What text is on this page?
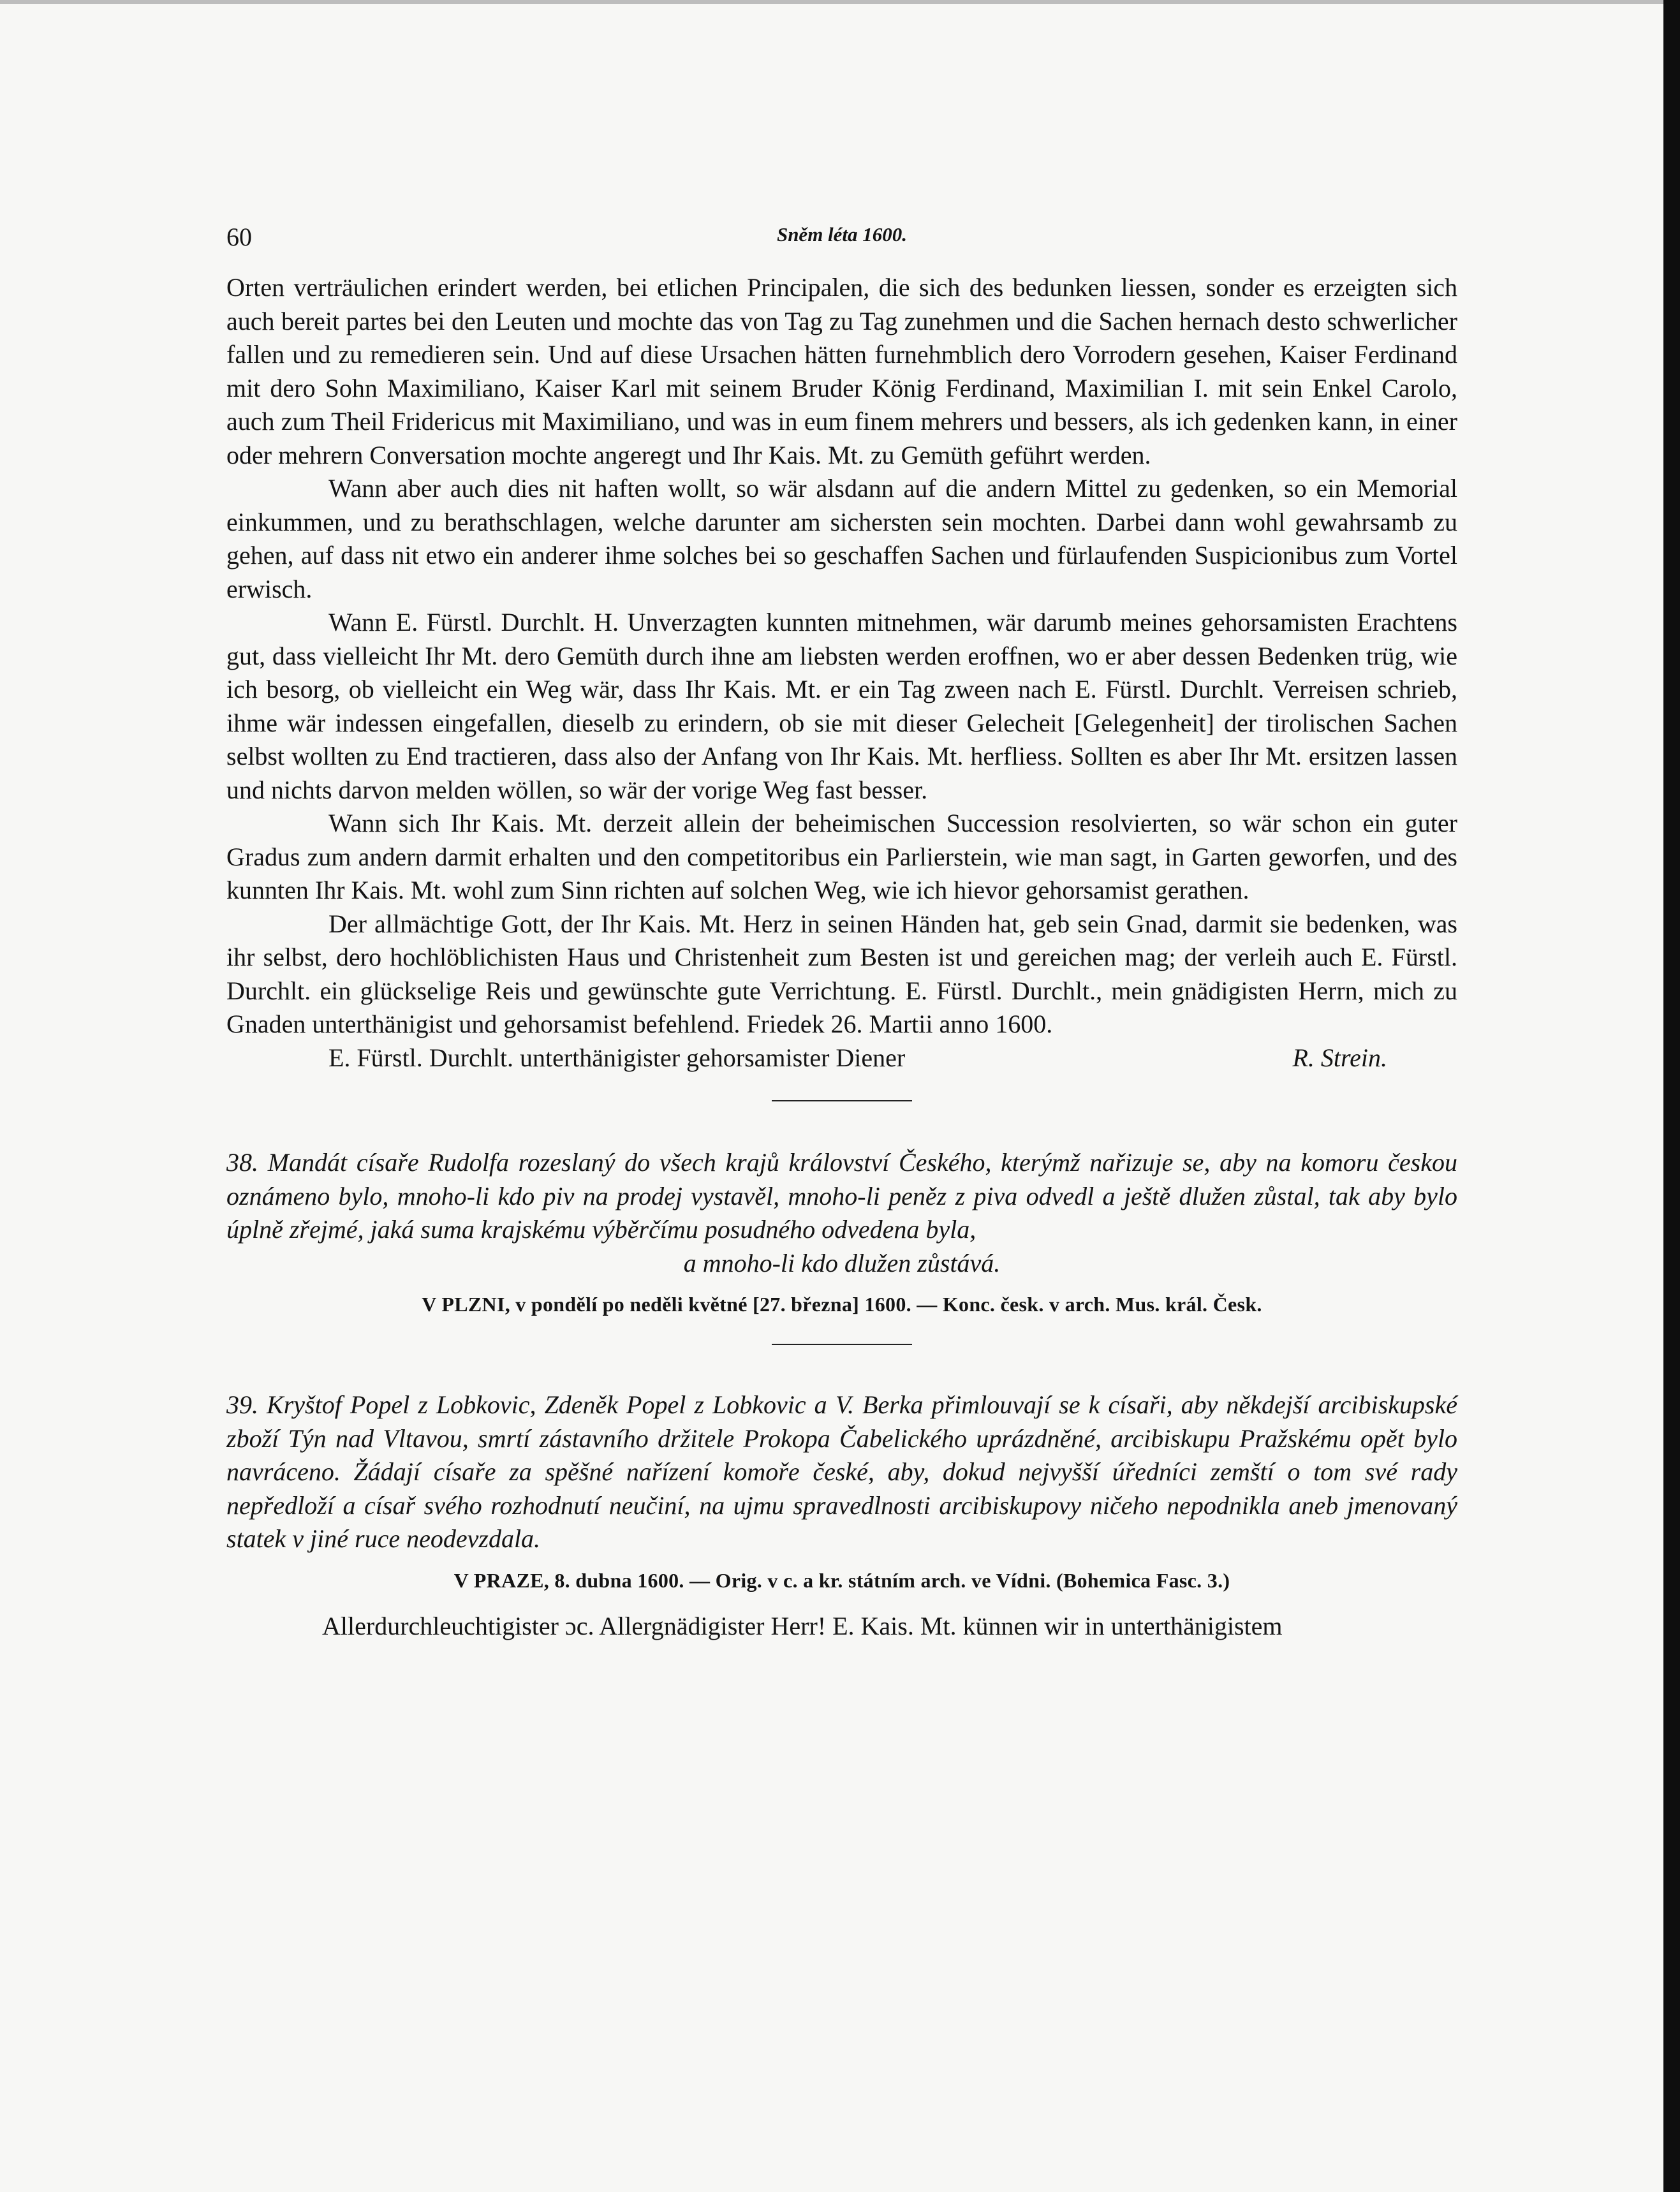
60	Sněm léta 1600.

Orten verträulichen erindert werden, bei etlichen Principalen, die sich des bedunken liessen, sonder es erzeigten sich auch bereit partes bei den Leuten und mochte das von Tag zu Tag zunehmen und die Sachen hernach desto schwerlicher fallen und zu remedieren sein. Und auf diese Ursachen hätten furnehmblich dero Vorrodern gesehen, Kaiser Ferdinand mit dero Sohn Maximiliano, Kaiser Karl mit seinem Bruder König Ferdinand, Maximilian I. mit sein Enkel Carolo, auch zum Theil Fridericus mit Maximiliano, und was in eum finem mehrers und bessers, als ich gedenken kann, in einer oder mehrern Conversation mochte angeregt und Ihr Kais. Mt. zu Gemüth geführt werden.

Wann aber auch dies nit haften wollt, so wär alsdann auf die andern Mittel zu gedenken, so ein Memorial einkummen, und zu berathschlagen, welche darunter am sichersten sein mochten. Darbei dann wohl gewahrsamb zu gehen, auf dass nit etwo ein anderer ihme solches bei so geschaffen Sachen und fürlaufenden Suspicionibus zum Vortel erwisch.

Wann E. Fürstl. Durchlt. H. Unverzagten kunnten mitnehmen, wär darumb meines gehorsamisten Erachtens gut, dass vielleicht Ihr Mt. dero Gemüth durch ihne am liebsten werden eroffnen, wo er aber dessen Bedenken trüg, wie ich besorg, ob vielleicht ein Weg wär, dass Ihr Kais. Mt. er ein Tag zween nach E. Fürstl. Durchlt. Verreisen schrieb, ihme wär indessen eingefallen, dieselb zu erindern, ob sie mit dieser Gelecheit [Gelegenheit] der tirolischen Sachen selbst wollten zu End tractieren, dass also der Anfang von Ihr Kais. Mt. herfliess. Sollten es aber Ihr Mt. ersitzen lassen und nichts darvon melden wöllen, so wär der vorige Weg fast besser.

Wann sich Ihr Kais. Mt. derzeit allein der beheimischen Succession resolvierten, so wär schon ein guter Gradus zum andern darmit erhalten und den competitoribus ein Parlierstein, wie man sagt, in Garten geworfen, und des kunnten Ihr Kais. Mt. wohl zum Sinn richten auf solchen Weg, wie ich hievor gehorsamist gerathen.

Der allmächtige Gott, der Ihr Kais. Mt. Herz in seinen Händen hat, geb sein Gnad, darmit sie bedenken, was ihr selbst, dero hochlöblichisten Haus und Christenheit zum Besten ist und gereichen mag; der verleih auch E. Fürstl. Durchlt. ein glückselige Reis und gewünschte gute Verrichtung. E. Fürstl. Durchlt., mein gnädigisten Herrn, mich zu Gnaden unterthänigist und gehorsamist befehlend. Friedek 26. Martii anno 1600.

E. Fürstl. Durchlt. unterthänigister gehorsamister Diener	R. Strein.

38. Mandát císaře Rudolfa rozeslaný do všech krajů království Českého, kterýmž nařizuje se, aby na komoru českou oznámeno bylo, mnoho-li kdo piv na prodej vystavěl, mnoho-li peněz z piva odvedl a ještě dlužen zůstal, tak aby bylo úplně zřejmé, jaká suma krajskému výběrčímu posudného odvedena byla,
a mnoho-li kdo dlužen zůstává.

V PLZNI, v pondělí po neděli květné [27. března] 1600. — Konc. česk. v arch. Mus. král. Česk.

39. Kryštof Popel z Lobkovic, Zdeněk Popel z Lobkovic a V. Berka přimlouvají se k císaři, aby někdejší arcibiskupské zboží Týn nad Vltavou, smrtí zástavního držitele Prokopa Čabelického uprázdněné, arcibiskupu Pražskému opět bylo navráceno. Žádají císaře za spěšné nařízení komoře české, aby, dokud nejvyšší úředníci zemští o tom své rady nepředloží a císař svého rozhodnutí neučiní, na ujmu spravedlnosti arcibiskupovy ničeho nepodnikla aneb jmenovaný statek v jiné ruce neodevzdala.

V PRAZE, 8. dubna 1600. — Orig. v c. a kr. státním arch. ve Vídni. (Bohemica Fasc. 3.)

Allerdurchleuchtigister ɔc. Allergnädigister Herr! E. Kais. Mt. künnen wir in unterthänigistem
